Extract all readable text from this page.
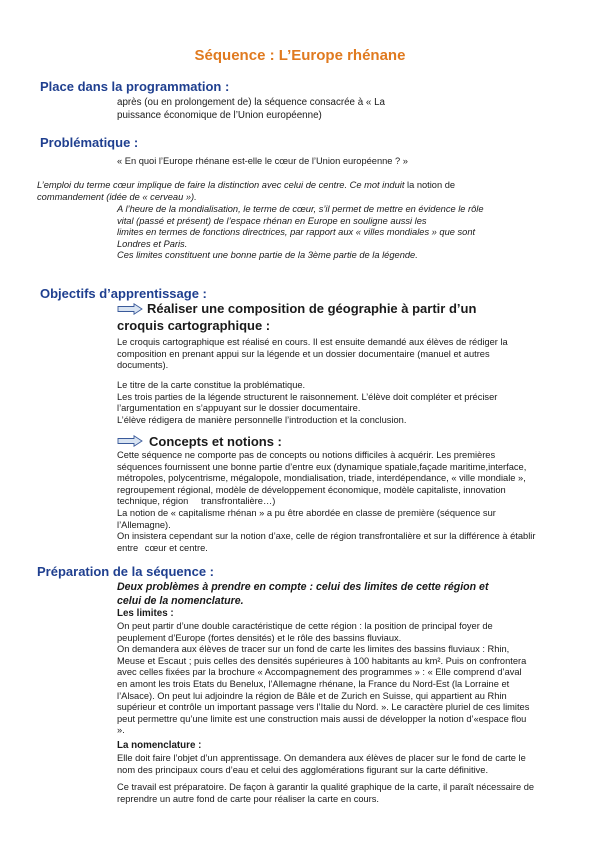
Séquence : L’Europe rhénane
Place dans la programmation :

après (ou en prolongement de) la séquence consacrée à « La

puissance économique de l’Union européenne)

Problématique :
« En quoi l’Europe rhénane est-elle le cœur de l’Union européenne ? »
L’emploi du terme cœur implique de faire la distinction avec celui de centre. Ce mot induit la notion de
commandement (idée de « cerveau »).

A l’heure de la mondialisation, le terme de cœur, s’il permet de mettre en évidence le rôle

vital (passé et présent) de l’espace rhénan en Europe en souligne aussi les

limites en termes de fonctions directrices, par rapport aux « villes mondiales » que sont

Londres et Paris.

Ces limites constituent une bonne partie de la 3ème partie de la légende.

Objectifs d’apprentissage :
Réaliser une composition de géographie à partir d’un
croquis cartographique :

Le croquis cartographique est réalisé en cours. Il est ensuite demandé aux élèves de rédiger la

composition en prenant appui sur la légende et un dossier documentaire (manuel et autres

documents).

Le titre de la carte constitue la problématique.

Les trois parties de la légende structurent le raisonnement. L’élève doit compléter et préciser

l’argumentation en s’appuyant sur le dossier documentaire.

L’élève rédigera de manière personnelle l’introduction et la conclusion.

Concepts et notions :

Cette séquence ne comporte pas de concepts ou notions difficiles à acquérir. Les premières

séquences fournissent une bonne partie d’entre eux (dynamique spatiale,façade maritime,interface,

métropoles, polycentrisme, mégalopole, mondialisation, triade, interdépendance, « ville mondiale »,

regroupement régional, modèle de développement économique, modèle capitaliste, innovation

technique, région transfrontalière…)

La notion de « capitalisme rhénan » a pu être abordée en classe de première (séquence sur

l’Allemagne).

On insistera cependant sur la notion d’axe, celle de région transfrontalière et sur la différence à établir

entre cœur et centre.

Préparation de la séquence :

Deux problèmes à prendre en compte : celui des limites de cette région et

celui de la nomenclature.

Les limites :

On peut partir d’une double caractéristique de cette région : la position de principal foyer de

peuplement d’Europe (fortes densités) et le rôle des bassins fluviaux.

On demandera aux élèves de tracer sur un fond de carte les limites des bassins fluviaux : Rhin,

Meuse et Escaut ; puis celles des densités supérieures à 100 habitants au km². Puis on confrontera

avec celles fixées par la brochure « Accompagnement des programmes » : « Elle comprend d’aval

en amont les trois Etats du Benelux, l’Allemagne rhénane, la France du Nord-Est (la Lorraine et

l’Alsace). On peut lui adjoindre la région de Bâle et de Zurich en Suisse, qui appartient au Rhin

supérieur et contrôle un important passage vers l’Italie du Nord. ». Le caractère pluriel de ces limites

peut permettre qu’une limite est une construction mais aussi de développer la notion d’«espace flou

».

La nomenclature :

Elle doit faire l’objet d’un apprentissage. On demandera aux élèves de placer sur le fond de carte le

nom des principaux cours d’eau et celui des agglomérations figurant sur la carte définitive.

Ce travail est préparatoire. De façon à garantir la qualité graphique de la carte, il paraît nécessaire de

reprendre un autre fond de carte pour réaliser la carte en cours.
